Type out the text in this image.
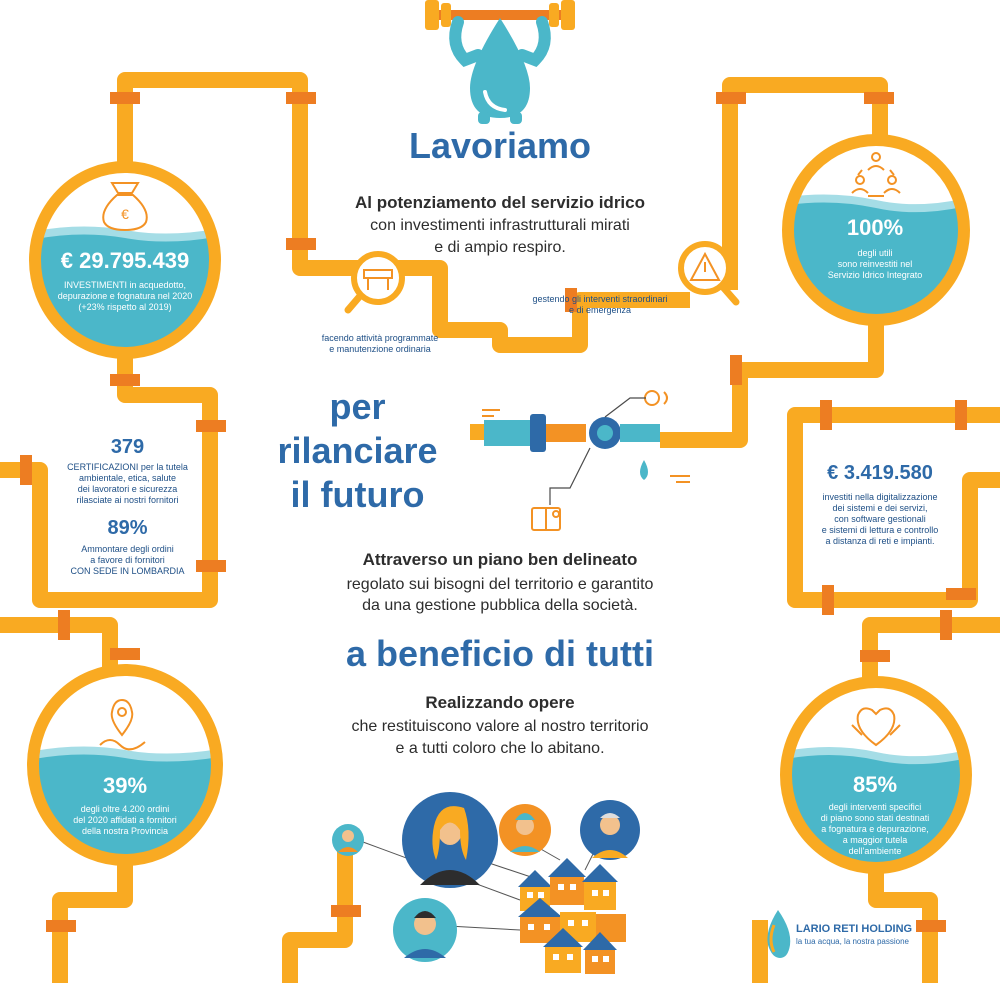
€
Lavoriamo
Al potenziamento del servizio idrico
con investimenti infrastrutturali mirati
e di ampio respiro.
facendo attività programmate
e manutenzione ordinaria
gestendo gli interventi straordinari
e di emergenza
per
rilanciare
il futuro
Attraverso un piano ben delineato
regolato sui bisogni del territorio e garantito
da una gestione pubblica della società.
a beneficio di tutti
Realizzando opere
che restituiscono valore al nostro territorio
e a tutti coloro che lo abitano.
€ 29.795.439
INVESTIMENTI in acquedotto,
depurazione e fognatura nel 2020
(+23% rispetto al 2019)
100%
degli utili
sono reinvestiti nel
Servizio Idrico Integrato
379
CERTIFICAZIONI per la tutela
ambientale, etica, salute
dei lavoratori e sicurezza
rilasciate ai nostri fornitori
89%
Ammontare degli ordini
a favore di fornitori
CON SEDE IN LOMBARDIA
€ 3.419.580
investiti nella digitalizzazione
dei sistemi e dei servizi,
con software gestionali
e sistemi di lettura e controllo
a distanza di reti e impianti.
39%
degli oltre 4.200 ordini
del 2020 affidati a fornitori
della nostra Provincia
85%
degli interventi specifici
di piano sono stati destinati
a fognatura e depurazione,
a maggior tutela
dell'ambiente
LARIO RETI HOLDING
la tua acqua, la nostra passione
